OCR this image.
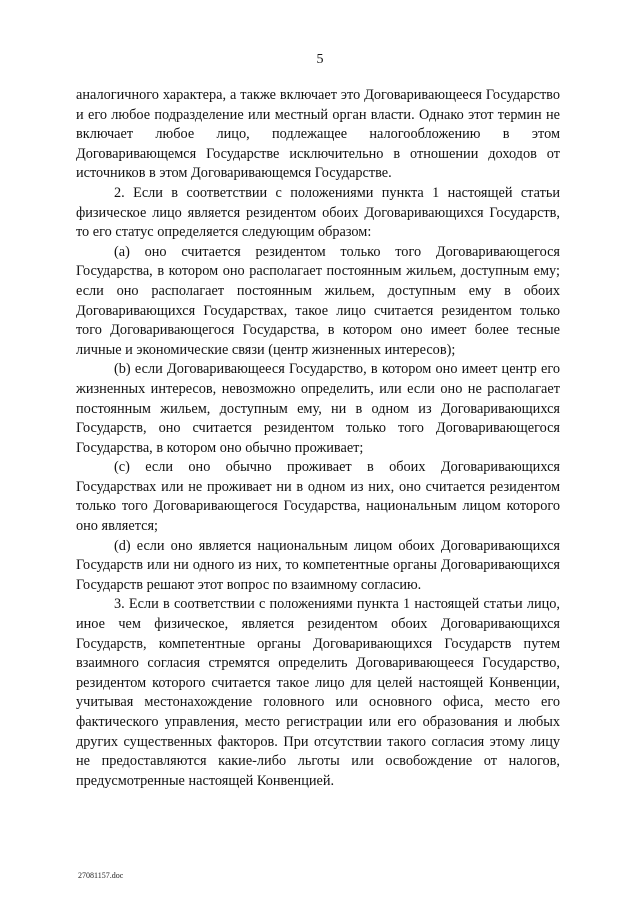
5

аналогичного характера, а также включает это Договаривающееся Государство и его любое подразделение или местный орган власти. Однако этот термин не включает любое лицо, подлежащее налогообложению в этом Договаривающемся Государстве исключительно в отношении доходов от источников в этом Договаривающемся Государстве.

2. Если в соответствии с положениями пункта 1 настоящей статьи физическое лицо является резидентом обоих Договаривающихся Государств, то его статус определяется следующим образом:

(a) оно считается резидентом только того Договаривающегося Государства, в котором оно располагает постоянным жильем, доступным ему; если оно располагает постоянным жильем, доступным ему в обоих Договаривающихся Государствах, такое лицо считается резидентом только того Договаривающегося Государства, в котором оно имеет более тесные личные и экономические связи (центр жизненных интересов);

(b) если Договаривающееся Государство, в котором оно имеет центр его жизненных интересов, невозможно определить, или если оно не располагает постоянным жильем, доступным ему, ни в одном из Договаривающихся Государств, оно считается резидентом только того Договаривающегося Государства, в котором оно обычно проживает;

(c) если оно обычно проживает в обоих Договаривающихся Государствах или не проживает ни в одном из них, оно считается резидентом только того Договаривающегося Государства, национальным лицом которого оно является;

(d) если оно является национальным лицом обоих Договаривающихся Государств или ни одного из них, то компетентные органы Договаривающихся Государств решают этот вопрос по взаимному согласию.

3. Если в соответствии с положениями пункта 1 настоящей статьи лицо, иное чем физическое, является резидентом обоих Договаривающихся Государств, компетентные органы Договаривающихся Государств путем взаимного согласия стремятся определить Договаривающееся Государство, резидентом которого считается такое лицо для целей настоящей Конвенции, учитывая местонахождение головного или основного офиса, место его фактического управления, место регистрации или его образования и любых других существенных факторов. При отсутствии такого согласия этому лицу не предоставляются какие-либо льготы или освобождение от налогов, предусмотренные настоящей Конвенцией.

27081157.doc
